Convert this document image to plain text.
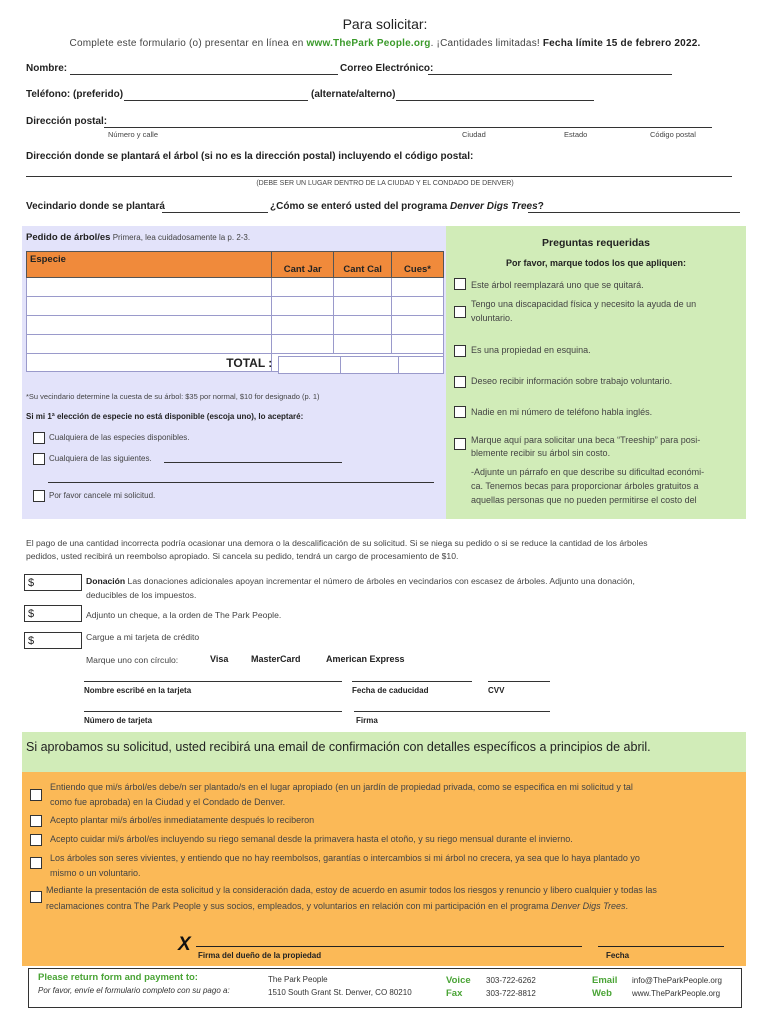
Para solicitar:
Complete este formulario (o) presentar en línea en www.ThePark People.org. ¡Cantidades limitadas! Fecha límite 15 de febrero 2022.
Nombre:	Correo Electrónico:
Teléfono: (preferido)	(alternate/alterno)
Dirección postal:
Número y calle	Ciudad	Estado	Código postal
Dirección donde se plantará el árbol (si no es la dirección postal) incluyendo el código postal:
(DEBE SER UN LUGAR DENTRO DE LA CIUDAD Y EL CONDADO DE DENVER)
Vecindario donde se plantará	¿Cómo se enteró usted del programa Denver Digs Trees?
Pedido de árbol/es Primera, lea cuidadosamente la p. 2-3.
Especie	Cant Jar	Cant Cal	Cues*

	TOTAL :		
*Su vecindario determine la cuesta de su árbol: $35 por normal, $10 for designado (p. 1)
Si mi 1ª elección de especie no está disponible (escoja uno), lo aceptaré:
Cualquiera de las especies disponibles.
Cualquiera de las siguientes.
Por favor cancele mi solicitud.
Preguntas requeridas
Por favor, marque todos los que apliquen:
Este árbol reemplazará uno que se quitará.
Tengo una discapacidad física y necesito la ayuda de un
voluntario.
Es una propiedad en esquina.
Deseo recibir información sobre trabajo voluntario.
Nadie en mi número de teléfono habla inglés.
Marque aquí para solicitar una beca “Treeship” para posi-
blemente recibir su árbol sin costo.
-Adjunte un párrafo en que describe su dificultad económi-
ca. Tenemos becas para proporcionar árboles gratuitos a
aquellas personas que no pueden permitirse el costo del
El pago de una cantidad incorrecta podría ocasionar una demora o la descalificación de su solicitud. Si se niega su pedido o si se reduce la cantidad de los árboles
pedidos, usted recibirá un reembolso apropiado. Si cancela su pedido, tendrá un cargo de procesamiento de $10.
$	Donación Las donaciones adicionales apoyan incrementar el número de árboles en vecindarios con escasez de árboles. Adjunto una donación,
deducibles de los impuestos.
$	Adjunto un cheque, a la orden de The Park People.
$	Cargue a mi tarjeta de crédito
Marque uno con círculo:	Visa	MasterCard	American Express
Nombre escribé en la tarjeta	Fecha de caducidad	CVV
Número de tarjeta	Firma
Si aprobamos su solicitud, usted recibirá una email de confirmación con detalles específicos a principios de abril.
Entiendo que mi/s árbol/es debe/n ser plantado/s en el lugar apropiado (en un jardín de propiedad privada, como se especifica en mi solicitud y tal
como fue aprobada) en la Ciudad y el Condado de Denver.
Acepto plantar mi/s árbol/es inmediatamente después lo reciberon
Acepto cuidar mi/s árbol/es incluyendo su riego semanal desde la primavera hasta el otoño, y su riego mensual durante el invierno.
Los árboles son seres vivientes, y entiendo que no hay reembolsos, garantías o intercambios si mi árbol no crecera, ya sea que lo haya plantado yo
mismo o un voluntario.
Mediante la presentación de esta solicitud y la consideración dada, estoy de acuerdo en asumir todos los riesgos y renuncio y libero cualquier y todas las
reclamaciones contra The Park People y sus socios, empleados, y voluntarios en relación con mi participación en el programa Denver Digs Trees.
X
Firma del dueño de la propiedad	Fecha
Please return form and payment to:
Por favor, envíe el formulario completo con su pago a:
The Park People
1510 South Grant St. Denver, CO 80210
Voice 303-722-6262
Fax	303-722-8812
Email info@TheParkPeople.org
Web	www.TheParkPeople.org
